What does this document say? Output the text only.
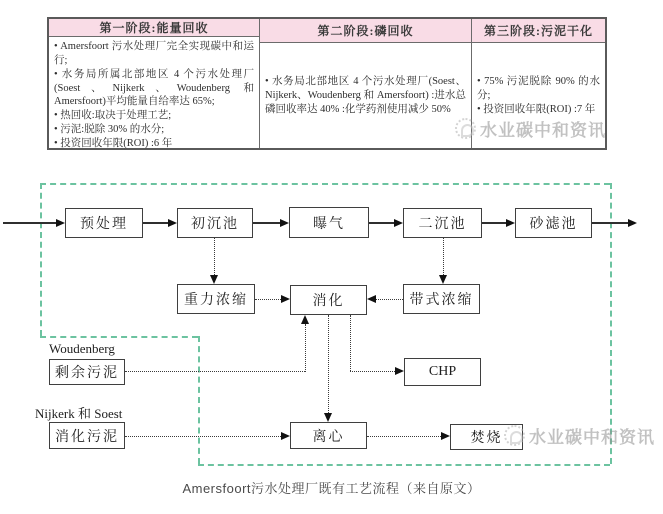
第一阶段:能量回收
• Amersfoort 污水处理厂完全实现碳中和运行;
• 水务局所属北部地区 4 个污水处理厂(Soest、Nijkerk、Woudenberg 和 Amersfoort)平均能量自给率达 65%;
• 热回收:取决于处理工艺;
• 污泥:脱除 30% 的水分;
• 投资回收年限(ROI) :6 年
第二阶段:磷回收
• 水务局北部地区 4 个污水处理厂(Soest、Nijkerk、Woudenberg 和 Amersfoort) :进水总磷回收率达 40% :化学药剂使用减少 50%
第三阶段:污泥干化
• 75% 污泥脱除 90% 的水分;
• 投资回收年限(ROI) :7 年
水业碳中和资讯
预处理	初沉池	曝气	二沉池	砂滤池
重力浓缩	消化	带式浓缩
CHP
剩余污泥
消化污泥	离心	焚烧
Woudenberg
Nijkerk 和 Soest
水业碳中和资讯
Amersfoort污水处理厂既有工艺流程（来自原文）
